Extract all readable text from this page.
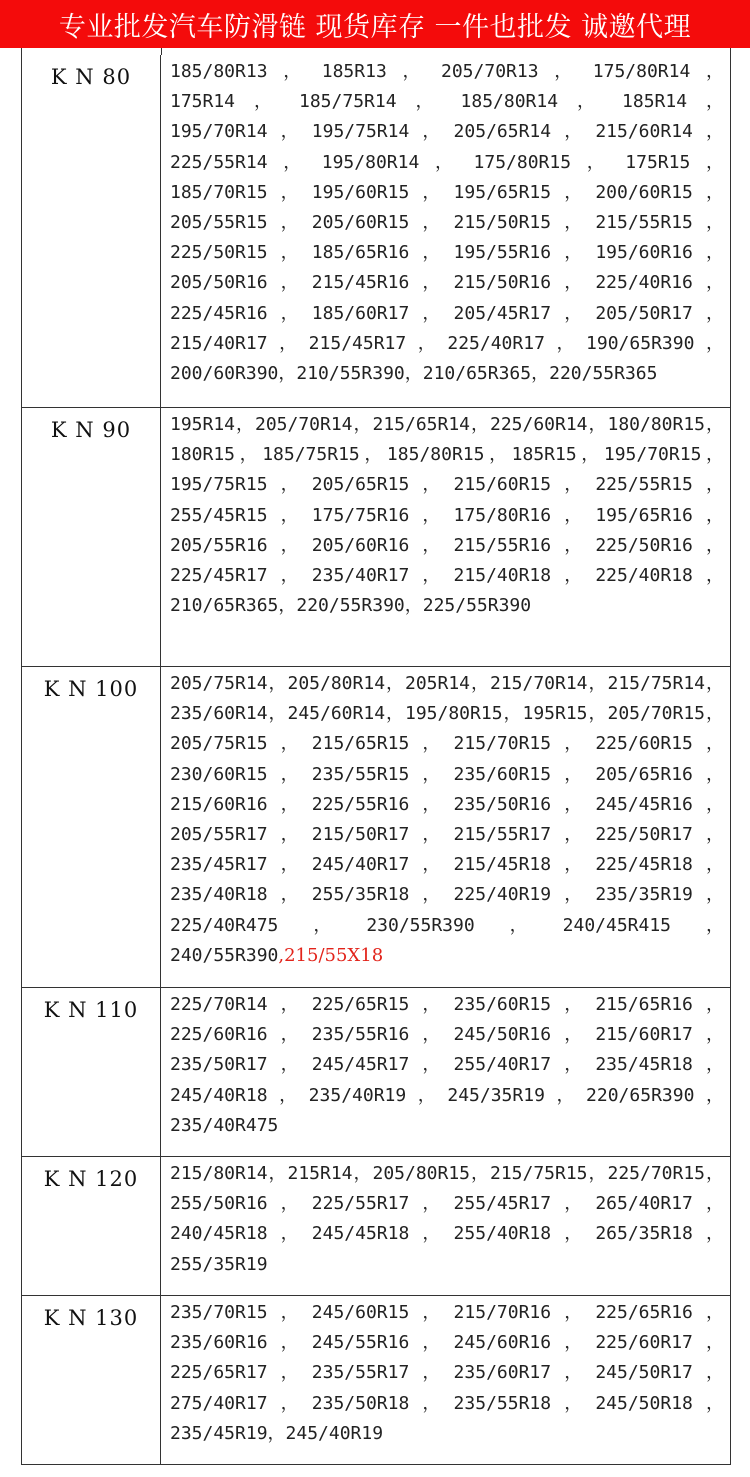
专业批发汽车防滑链 现货库存 一件也批发 诚邀代理
K N 80	185/80R13 ， 185R13 ， 205/70R13 ， 175/80R14 ， 175R14 ， 185/75R14 ， 185/80R14 ， 185R14 ， 195/70R14，195/75R14，205/65R14，215/60R14，225/55R14 ， 195/80R14 ， 175/80R15 ， 175R15 ， 185/70R15，195/60R15，195/65R15，200/60R15，205/55R15，205/60R15，215/50R15，215/55R15，225/50R15，185/65R16，195/55R16，195/60R16，205/50R16，215/45R16，215/50R16，225/40R16，225/45R16，185/60R17，205/45R17，205/50R17，215/40R17，215/45R17，225/40R17，190/65R390，200/60R390，210/55R390，210/65R365，220/55R365
K N 90	195R14，205/70R14，215/65R14，225/60R14，180/80R15，180R15，185/75R15，185/80R15，185R15，195/70R15，195/75R15，205/65R15，215/60R15，225/55R15，255/45R15，175/75R16，175/80R16，195/65R16，205/55R16，205/60R16，215/55R16，225/50R16，225/45R17，235/40R17，215/40R18，225/40R18，210/65R365，220/55R390，225/55R390
K N 100	205/75R14，205/80R14，205R14，215/70R14，215/75R14，235/60R14，245/60R14，195/80R15，195R15，205/70R15，205/75R15，215/65R15，215/70R15，225/60R15，230/60R15，235/55R15，235/60R15，205/65R16，215/60R16，225/55R16，235/50R16，245/45R16，205/55R17，215/50R17，215/55R17，225/50R17，235/45R17，245/40R17，215/45R18，225/45R18，235/40R18，255/35R18，225/40R19，235/35R19，225/40R475，230/55R390，240/45R415，240/55R390,215/55X18
K N 110	225/70R14，225/65R15，235/60R15，215/65R16，225/60R16，235/55R16，245/50R16，215/60R17，235/50R17，245/45R17，255/40R17，235/45R18，245/40R18，235/40R19，245/35R19，220/65R390，235/40R475
K N 120	215/80R14，215R14，205/80R15，215/75R15，225/70R15，255/50R16，225/55R17，255/45R17，265/40R17，240/45R18，245/45R18，255/40R18，265/35R18，255/35R19
K N 130	235/70R15，245/60R15，215/70R16，225/65R16，235/60R16，245/55R16，245/60R16，225/60R17，225/65R17，235/55R17，235/60R17，245/50R17，275/40R17，235/50R18，235/55R18，245/50R18，235/45R19，245/40R19
